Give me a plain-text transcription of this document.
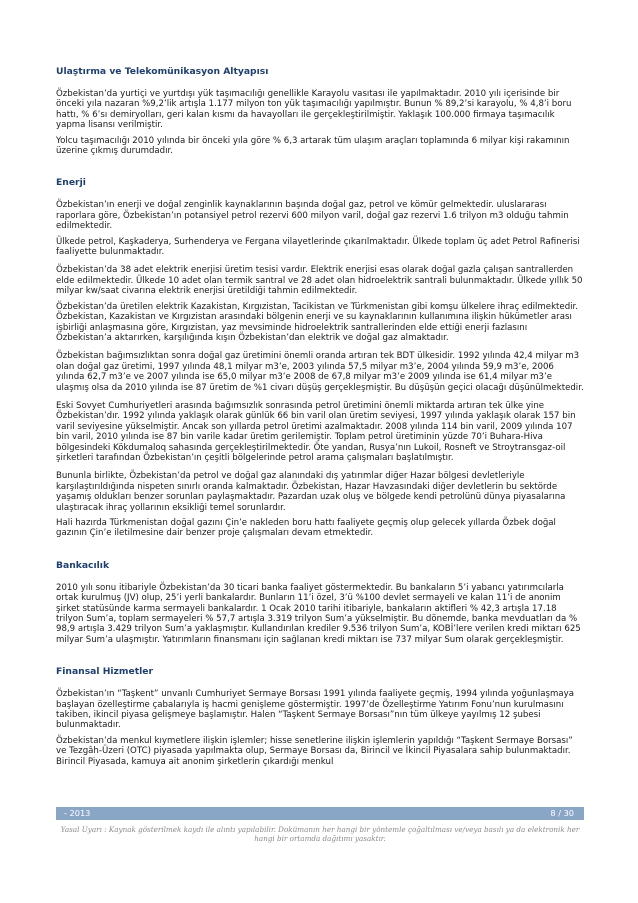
Ulaştırma ve Telekomünikasyon Altyapısı

Özbekistan’da yurtiçi ve yurtdışı yük taşımacılığı genellikle Karayolu vasıtası ile yapılmaktadır. 2010 yılı içerisinde bir önceki yıla nazaran %9,2’lik artışla 1.177 milyon ton yük taşımacılığı yapılmıştır. Bunun % 89,2’si karayolu, % 4,8’i boru hattı, % 6’sı demiryolları, geri kalan kısmı da havayolları ile gerçekleştirilmiştir. Yaklaşık 100.000 firmaya taşımacılık yapma lisansı verilmiştir.

Yolcu taşımacılığı 2010 yılında bir önceki yıla göre % 6,3 artarak tüm ulaşım araçları toplamında 6 milyar kişi rakamının üzerine çıkmış durumdadır.

Enerji

Özbekistan’ın enerji ve doğal zenginlik kaynaklarının başında doğal gaz, petrol ve kömür gelmektedir. uluslararası raporlara göre, Özbekistan’ın potansiyel petrol rezervi 600 milyon varil, doğal gaz rezervi 1.6 trilyon m3 olduğu tahmin edilmektedir.

Ülkede petrol, Kaşkaderya, Surhenderya ve Fergana vilayetlerinde çıkarılmaktadır. Ülkede toplam üç adet Petrol Rafinerisi faaliyette bulunmaktadır.

Özbekistan’da 38 adet elektrik enerjisi üretim tesisi vardır. Elektrik enerjisi esas olarak doğal gazla çalışan santrallerden elde edilmektedir. Ülkede 10 adet olan termik santral ve 28 adet olan hidroelektrik santrali bulunmaktadır. Ülkede yıllık 50 milyar kw/saat civarına elektrik enerjisi üretildiği tahmin edilmektedir.

Özbekistan’da üretilen elektrik Kazakistan, Kırgızistan, Tacikistan ve Türkmenistan gibi komşu ülkelere ihraç edilmektedir. Özbekistan, Kazakistan ve Kırgızistan arasındaki bölgenin enerji ve su kaynaklarının kullanımına ilişkin hükümetler arası işbirliği anlaşmasına göre, Kırgızistan, yaz mevsiminde hidroelektrik santrallerinden elde ettiği enerji fazlasını Özbekistan’a aktarırken, karşılığında kışın Özbekistan’dan elektrik ve doğal gaz almaktadır.

Özbekistan bağımsızlıktan sonra doğal gaz üretimini önemli oranda artıran tek BDT ülkesidir. 1992 yılında 42,4 milyar m3 olan doğal gaz üretimi, 1997 yılında 48,1 milyar m3’e, 2003 yılında 57,5 milyar m3’e, 2004 yılında 59,9 m3’e, 2006 yılında 62,7 m3’e ve 2007 yılında ise 65,0 milyar m3’e 2008 de 67,8 milyar m3’e 2009 yılında ise 61,4 milyar m3’e ulaşmış olsa da 2010 yılında ise 87 üretim de %1 civarı düşüş gerçekleşmiştir. Bu düşüşün geçici olacağı düşünülmektedir.

Eski Sovyet Cumhuriyetleri arasında bağımsızlık sonrasında petrol üretimini önemli miktarda artıran tek ülke yine Özbekistan’dır. 1992 yılında yaklaşık olarak günlük 66 bin varil olan üretim seviyesi, 1997 yılında yaklaşık olarak 157 bin varil seviyesine yükselmiştir. Ancak son yıllarda petrol üretimi azalmaktadır. 2008 yılında 114 bin varil, 2009 yılında 107 bin varil, 2010 yılında ise 87 bin varile kadar üretim gerilemiştir. Toplam petrol üretiminin yüzde 70’i Buhara-Hiva bölgesindeki Kökdumaloq sahasında gerçekleştirilmektedir. Öte yandan, Rusya’nın Lukoil, Rosneft ve Stroytransgaz-oil şirketleri tarafından Özbekistan’ın çeşitli bölgelerinde petrol arama çalışmaları başlatılmıştır.

Bununla birlikte, Özbekistan’da petrol ve doğal gaz alanındaki dış yatırımlar diğer Hazar bölgesi devletleriyle karşılaştırıldığında nispeten sınırlı oranda kalmaktadır. Özbekistan, Hazar Havzasındaki diğer devletlerin bu sektörde yaşamış oldukları benzer sorunları paylaşmaktadır. Pazardan uzak oluş ve bölgede kendi petrolünü dünya piyasalarına ulaştıracak ihraç yollarının eksikliği temel sorunlardır.

Hali hazırda Türkmenistan doğal gazını Çin’e nakleden boru hattı faaliyete geçmiş olup gelecek yıllarda Özbek doğal gazının Çin’e iletilmesine dair benzer proje çalışmaları devam etmektedir.

Bankacılık

2010 yılı sonu itibariyle Özbekistan’da 30 ticari banka faaliyet göstermektedir. Bu bankaların 5’i yabancı yatırımcılarla ortak kurulmuş (JV) olup, 25’i yerli bankalardır. Bunların 11’i özel, 3’ü %100 devlet sermayeli ve kalan 11’i de anonim şirket statüsünde karma sermayeli bankalardır. 1 Ocak 2010 tarihi itibariyle, bankaların aktifleri % 42,3 artışla 17.18 trilyon Sum’a, toplam sermayeleri % 57,7 artışla 3.319 trilyon Sum’a yükselmiştir. Bu dönemde, banka mevduatları da % 98,9 artışla 3.429 trilyon Sum’a yaklaşmıştır. Kullandırılan krediler 9.536 trilyon Sum’a, KOBİ’lere verilen kredi miktarı 625 milyar Sum’a ulaşmıştır. Yatırımların finansmanı için sağlanan kredi miktarı ise 737 milyar Sum olarak gerçekleşmiştir.

Finansal Hizmetler

Özbekistan’ın “Taşkent” unvanlı Cumhuriyet Sermaye Borsası 1991 yılında faaliyete geçmiş, 1994 yılında yoğunlaşmaya başlayan özelleştirme çabalarıyla iş hacmi genişleme göstermiştir. 1997’de Özelleştirme Yatırım Fonu’nun kurulmasını takiben, ikincil piyasa gelişmeye başlamıştır. Halen “Taşkent Sermaye Borsası”nın tüm ülkeye yayılmış 12 şubesi bulunmaktadır.

Özbekistan’da menkul kıymetlere ilişkin işlemler; hisse senetlerine ilişkin işlemlerin yapıldığı “Taşkent Sermaye Borsası” ve Tezgâh-Üzeri (OTC) piyasada yapılmakta olup, Sermaye Borsası da, Birincil ve İkincil Piyasalara sahip bulunmaktadır. Birincil Piyasada, kamuya ait anonim şirketlerin çıkardığı menkul

- 2013	8 / 30
Yasal Uyarı : Kaynak gösterilmek kaydı ile alıntı yapılabilir. Dokümanın her hangi bir yöntemle çoğaltılması ve/veya basılı ya da elektronik her hangi bir ortamda dağıtımı yasaktır.
